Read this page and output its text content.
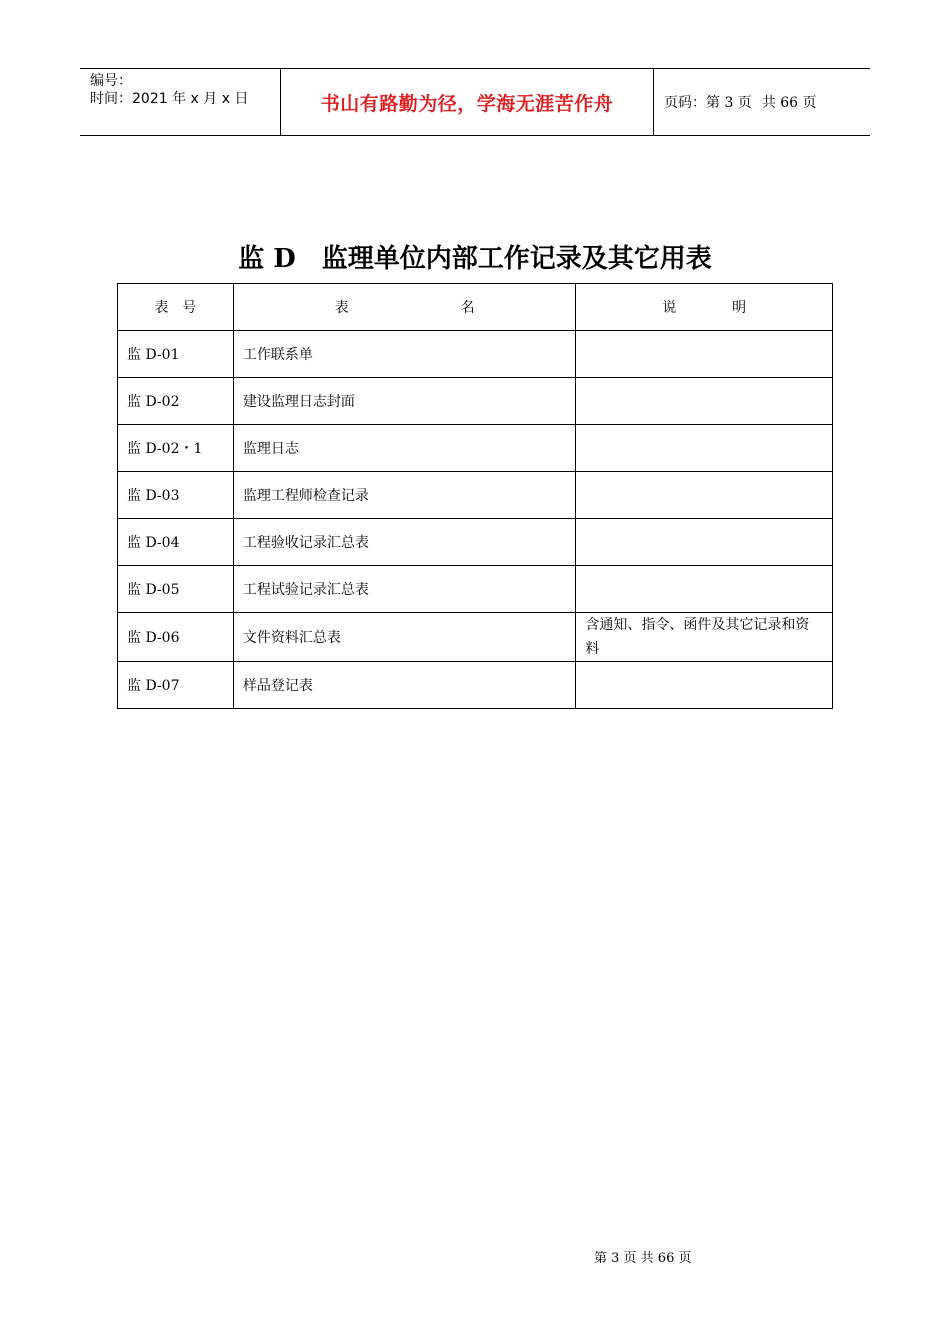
编号：
时间：2021 年 x 月 x 日	书山有路勤为径，学海无涯苦作舟	页码：第 3 页 共 66 页
监 D　监理单位内部工作记录及其它用表
表　号	表　　　　　　　　名	说　　　　明
监 D-01	工作联系单	
监 D-02	建设监理日志封面	
监 D-02・1	监理日志	
监 D-03	监理工程师检查记录	
监 D-04	工程验收记录汇总表	
监 D-05	工程试验记录汇总表	
监 D-06	文件资料汇总表	含通知、指令、函件及其它记录和资料
监 D-07	样品登记表	
第 3 页 共 66 页
